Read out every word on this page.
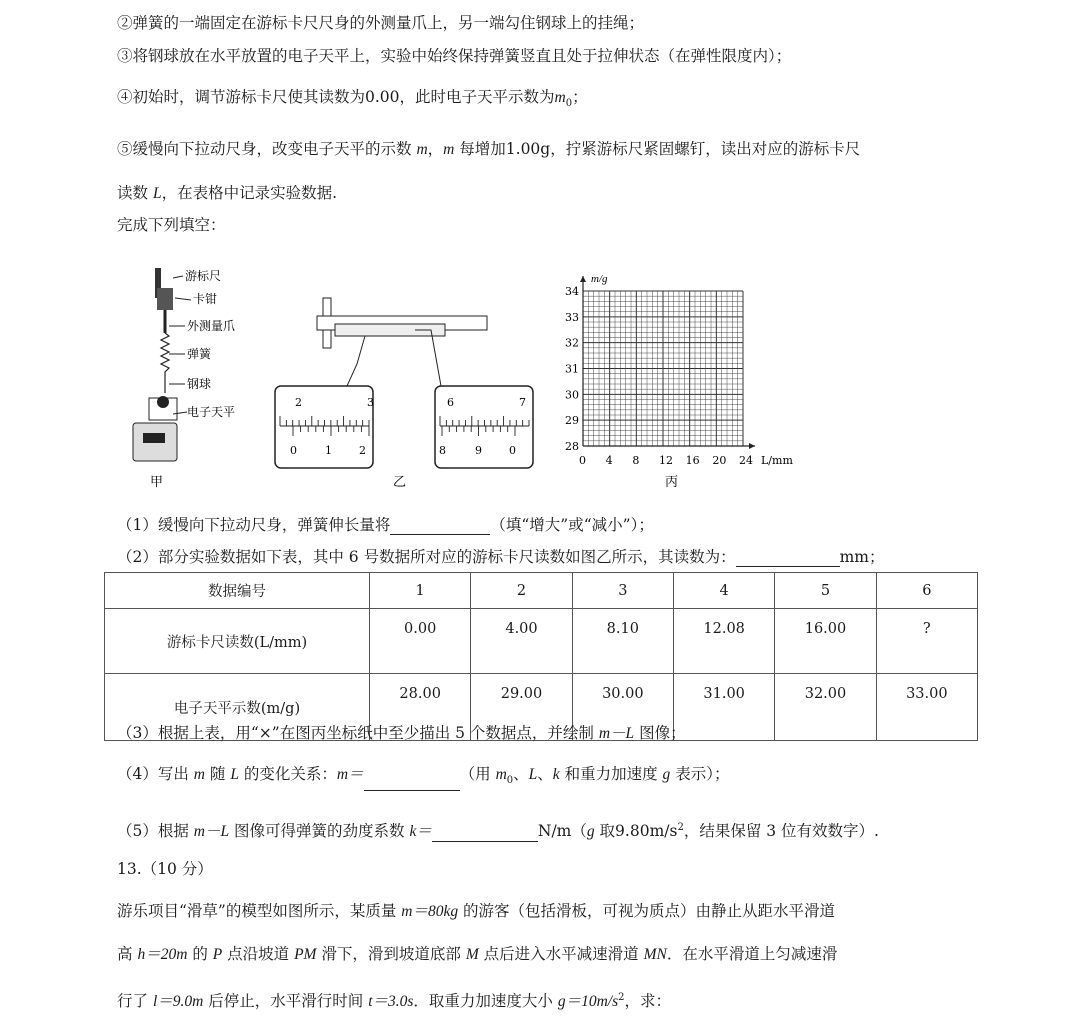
②弹簧的一端固定在游标卡尺尺身的外测量爪上，另一端勾住钢球上的挂绳；
③将钢球放在水平放置的电子天平上，实验中始终保持弹簧竖直且处于拉伸状态（在弹性限度内）；
④初始时，调节游标卡尺使其读数为0.00，此时电子天平示数为$m_0$；
⑤缓慢向下拉动尺身，改变电子天平的示数 m，m 每增加1.00g，拧紧游标尺紧固螺钉，读出对应的游标卡尺
读数 L，在表格中记录实验数据.
完成下列填空：
游标尺
卡钳
外测量爪
弹簧
钢球
电子天平
甲
2	3
0	1 2
6	7
8	9 0
乙
m/g
L/mm
34
33
32
31
30
29
28
0 4 8 12 16 20 24
丙
（1）缓慢向下拉动尺身，弹簧伸长量将	（填“增大”或“减小”）；
（2）部分实验数据如下表，其中 6 号数据所对应的游标卡尺读数如图乙所示，其读数为：	mm；
数据编号	1	2	3	4	5	6
游标卡尺读数(L/mm)	0.00	4.00	8.10	12.08	16.00	?
电子天平示数(m/g)	28.00	29.00	30.00	31.00	32.00	33.00
（3）根据上表，用“×”在图丙坐标纸中至少描出 5 个数据点，并绘制 m－L 图像；
（4）写出 m 随 L 的变化关系：m＝	（用 $m_0$、L、k 和重力加速度 g 表示）；
（5）根据 m－L 图像可得弹簧的劲度系数 k＝	N/m（g 取$9.80m/s^2$，结果保留 3 位有效数字）.
13.（10 分）
游乐项目“滑草”的模型如图所示，某质量 m＝80kg 的游客（包括滑板，可视为质点）由静止从距水平滑道
高 h＝20m 的 P 点沿坡道 PM 滑下，滑到坡道底部 M 点后进入水平减速滑道 MN．在水平滑道上匀减速滑
行了 l＝9.0m 后停止，水平滑行时间 t＝3.0s．取重力加速度大小 $g=10m/s^2$，求：
